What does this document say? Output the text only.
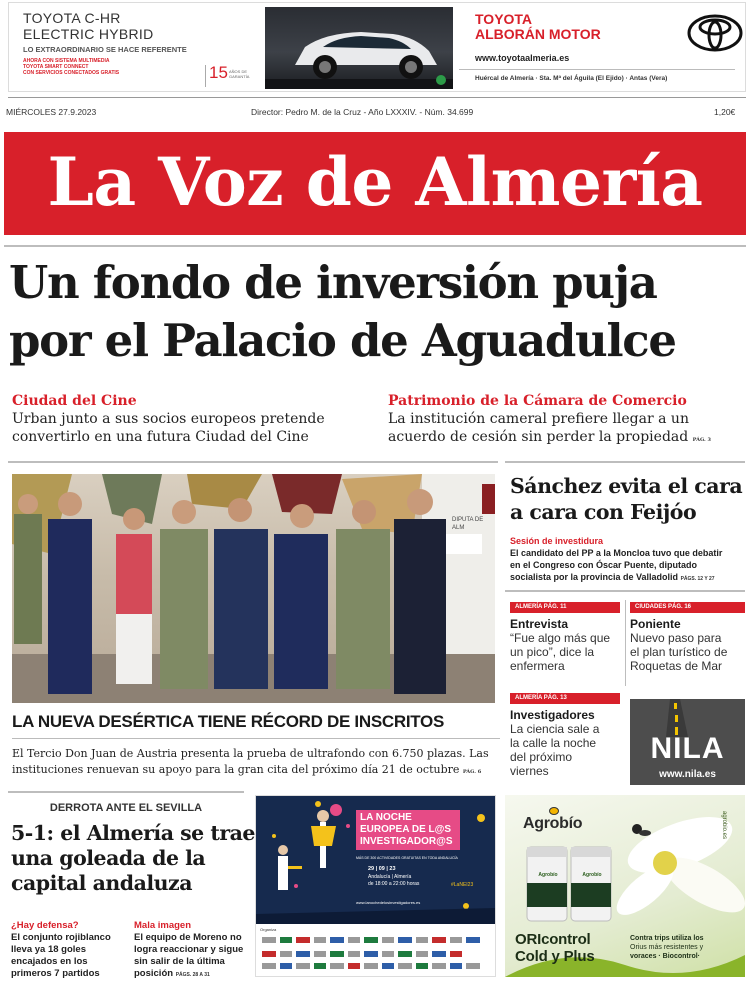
TOYOTA C-HR
ELECTRIC HYBRID
LO EXTRAORDINARIO SE HACE REFERENTE
AHORA CON SISTEMA MULTIMEDIA
TOYOTA SMART CONNECT
CON SERVICIOS CONECTADOS GRATIS	15 AÑOS DE GARANTÍA
TOYOTA
ALBORÁN MOTOR
www.toyotaalmeria.es
Huércal de Almería · Sta. Mª del Águila (El Ejido) · Antas (Vera)
MIÉRCOLES 27.9.2023	Director: Pedro M. de la Cruz - Año LXXXIV. - Núm. 34.699	1,20€
La Voz de Almería
Un fondo de inversión puja
por el Palacio de Aguadulce
Ciudad del Cine
Urban junto a sus socios europeos pretende
convertirlo en una futura Ciudad del Cine
Patrimonio de la Cámara de Comercio
La institución cameral prefiere llegar a un
acuerdo de cesión sin perder la propiedad PÁG. 3
DIPUTA DE ALM
LA NUEVA DESÉRTICA TIENE RÉCORD DE INSCRITOS
El Tercio Don Juan de Austria presenta la prueba de ultrafondo con 6.750 plazas. Las
instituciones renuevan su apoyo para la gran cita del próximo día 21 de octubre PÁG. 6
Sánchez evita el cara
a cara con Feijóo
Sesión de investidura
El candidato del PP a la Moncloa tuvo que debatir
en el Congreso con Óscar Puente, diputado
socialista por la provincia de Valladolid PÁGS. 12 Y 27
ALMERÍA PÁG. 11
Entrevista
“Fue algo más que
un pico”, dice la
enfermera
CIUDADES PÁG. 16
Poniente
Nuevo paso para
el plan turístico de
Roquetas de Mar
ALMERÍA PÁG. 13
Investigadores
La ciencia sale a
la calle la noche
del próximo
viernes
NILA
www.nila.es
DERROTA ANTE EL SEVILLA
5-1: el Almería se trae
una goleada de la
capital andaluza
¿Hay defensa?
El conjunto rojiblanco
lleva ya 18 goles
encajados en los
primeros 7 partidos
Mala imagen
El equipo de Moreno no
logra reaccionar y sigue
sin salir de la última
posición PÁGS. 28 A 31
LA NOCHE
EUROPEA DE L@S
INVESTIGADOR@S
MÁS DE 300 ACTIVIDADES GRATUITAS EN TODA ANDALUCÍA
29 | 09 | 23
Andalucía | Almería
de 18:00 a 22:00 horas	#LaNEI23
www.lanochedelosinvestigadores.es
Organiza
Agrobío	Agrobío
Agrobío
ORIcontrol
Cold y Plus
Contra trips utiliza los
Orius más resistentes y
voraces · Biocontrol·
agrobio.es
